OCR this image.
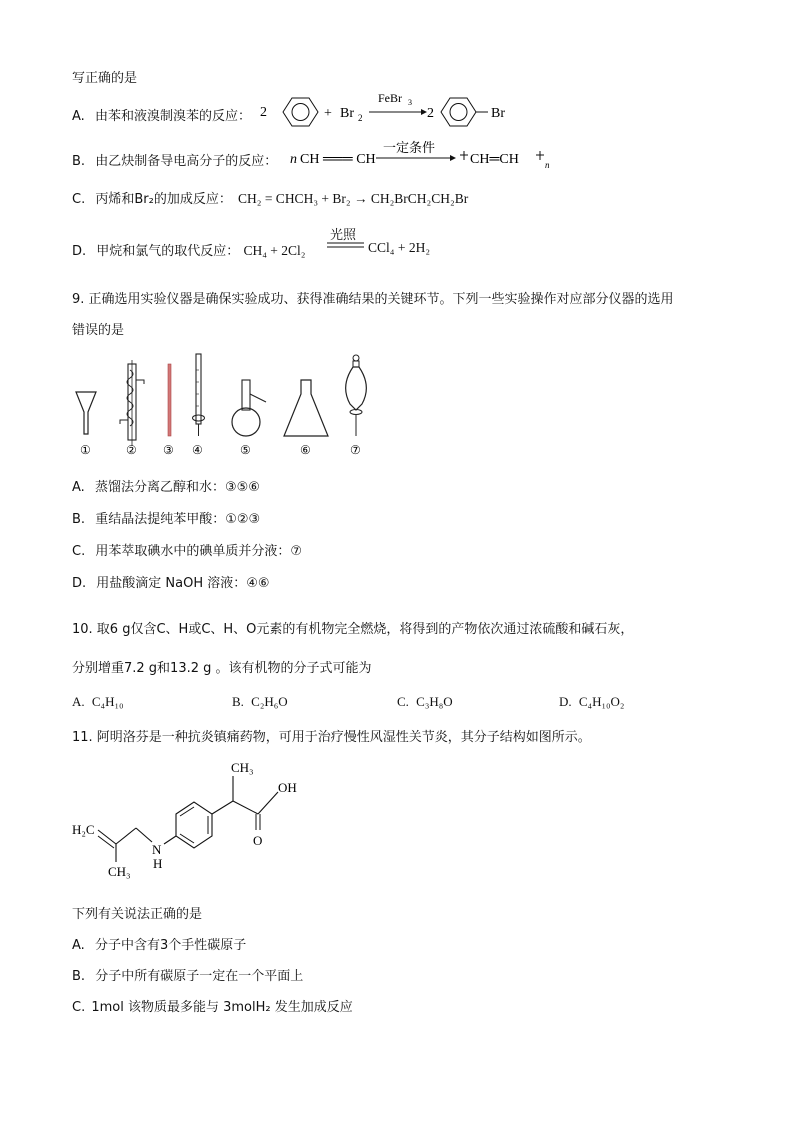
写正确的是
A. 由苯和液溴制溴苯的反应： 2	+ Br 2
FeBr 3
2	Br
B. 由乙炔制备导电高分子的反应： n CH ═══ CH
一定条件
CH═CH	n
C. 丙烯和Br₂的加成反应： CH₂ = CHCH₃ + Br₂ → CH₂BrCH₂CH₂Br
D. 甲烷和氯气的取代反应： CH₄ + 2Cl₂
光照
CCl₄ + 2H₂
9. 正确选用实验仪器是确保实验成功、获得准确结果的关键环节。下列一些实验操作对应部分仪器的选用
错误的是
①	② ③ ④	⑤	⑥	⑦
A. 蒸馏法分离乙醇和水：③⑤⑥
B. 重结晶法提纯苯甲酸：①②③
C. 用苯萃取碘水中的碘单质并分液：⑦
D. 用盐酸滴定 NaOH 溶液：④⑥
10. 取6 g仅含C、H或C、H、O元素的有机物完全燃烧，将得到的产物依次通过浓硫酸和碱石灰，
分别增重7.2 g和13.2 g 。该有机物的分子式可能为
A. C₄H₁₀	B. C₂H₆O	C. C₃H₈O	D. C₄H₁₀O₂
11. 阿明洛芬是一种抗炎镇痛药物，可用于治疗慢性风湿性关节炎，其分子结构如图所示。
CH₃
OH
O
N
H
H₂C
CH₃
下列有关说法正确的是
A. 分子中含有3个手性碳原子
B. 分子中所有碳原子一定在一个平面上
C. 1mol 该物质最多能与 3molH₂ 发生加成反应
